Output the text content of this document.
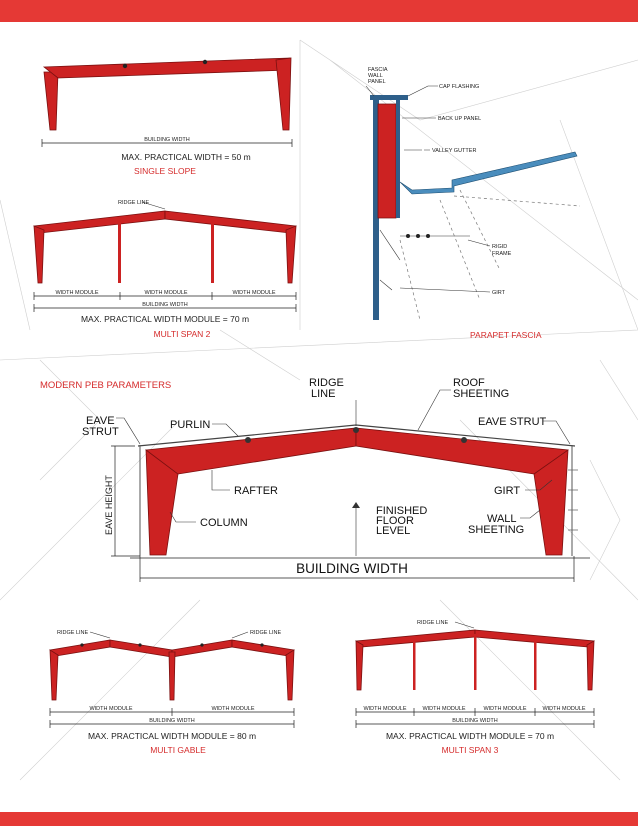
BUILDING WIDTH
MAX. PRACTICAL WIDTH = 50 m
SINGLE SLOPE
RIDGE LINE
WIDTH MODULE	WIDTH MODULE	WIDTH MODULE
BUILDING WIDTH
MAX. PRACTICAL WIDTH MODULE = 70 m
MULTI SPAN 2
FASCIA
WALL
PANEL
CAP FLASHING
BACK UP PANEL
VALLEY GUTTER
RIGID
FRAME
GIRT
PARAPET FASCIA
MODERN PEB PARAMETERS
EAVE HEIGHT
BUILDING WIDTH
RIDGE
LINE
ROOF
SHEETING
EAVE
STRUT
EAVE STRUT
PURLIN
RAFTER
COLUMN
FINISHED
FLOOR
LEVEL
GIRT
WALL
SHEETING
RIDGE LINE	RIDGE LINE
WIDTH MODULE	WIDTH MODULE
BUILDING WIDTH
MAX. PRACTICAL WIDTH MODULE = 80 m
MULTI GABLE
RIDGE LINE
WIDTH MODULE	WIDTH MODULE	WIDTH MODULE	WIDTH MODULE
BUILDING WIDTH
MAX. PRACTICAL WIDTH MODULE = 70 m
MULTI SPAN 3
